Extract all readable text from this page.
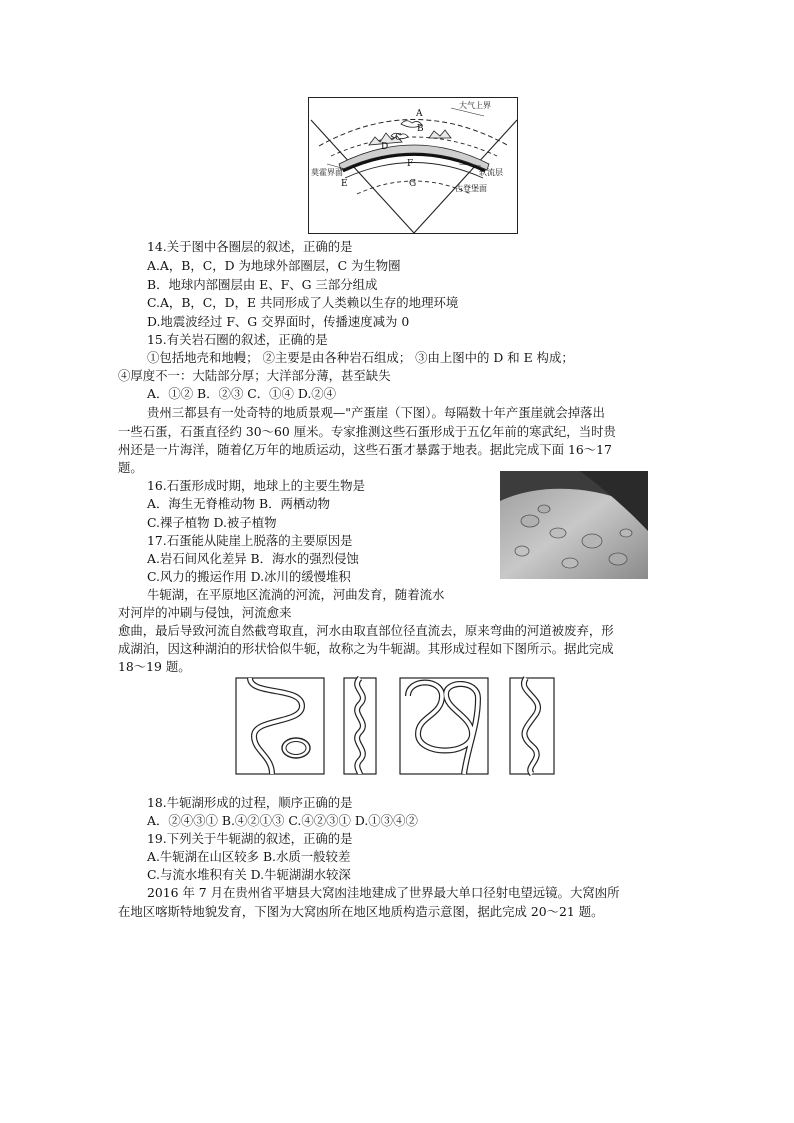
大气上界
A
B
C
D
F
E	G
莫霍界面	软流层
古登堡面
14.关于图中各圈层的叙述，正确的是
A.A，B，C，D 为地球外部圈层，C 为生物圈
B．地球内部圈层由 E、F、G 三部分组成
C.A，B，C，D，E 共同形成了人类赖以生存的地理环境
D.地震波经过 F、G 交界面时，传播速度减为 0
15.有关岩石圈的叙述，正确的是
①包括地壳和地幔； ②主要是由各种岩石组成； ③由上图中的 D 和 E 构成；
④厚度不一：大陆部分厚；大洋部分薄，甚至缺失
A．①② B．②③ C．①④ D.②④
贵州三都县有一处奇特的地质景观—"产蛋崖（下图）。每隔数十年产蛋崖就会掉落出
一些石蛋，石蛋直径约 30～60 厘米。专家推测这些石蛋形成于五亿年前的寒武纪，当时贵
州还是一片海洋，随着亿万年的地质运动，这些石蛋才暴露于地表。据此完成下面 16～17
题。
16.石蛋形成时期，地球上的主要生物是
A．海生无脊椎动物 B．两栖动物
C.裸子植物 D.被子植物
17.石蛋能从陡崖上脱落的主要原因是
A.岩石间风化差异 B．海水的强烈侵蚀
C.风力的搬运作用 D.冰川的缓慢堆积
牛轭湖，在平原地区流淌的河流，河曲发育，随着流水
对河岸的冲刷与侵蚀，河流愈来
愈曲，最后导致河流自然截弯取直，河水由取直部位径直流去，原来弯曲的河道被废弃，形
成湖泊，因这种湖泊的形状恰似牛轭，故称之为牛轭湖。其形成过程如下图所示。据此完成
18～19 题。
18.牛轭湖形成的过程，顺序正确的是
A．②④③① B.④②①③ C.④②③① D.①③④②
19.下列关于牛轭湖的叙述，正确的是
A.牛轭湖在山区较多 B.水质一般较差
C.与流水堆积有关 D.牛轭湖湖水较深
2016 年 7 月在贵州省平塘县大窝凼洼地建成了世界最大单口径射电望远镜。大窝凼所
在地区喀斯特地貌发育，下图为大窝凼所在地区地质构造示意图，据此完成 20～21 题。
